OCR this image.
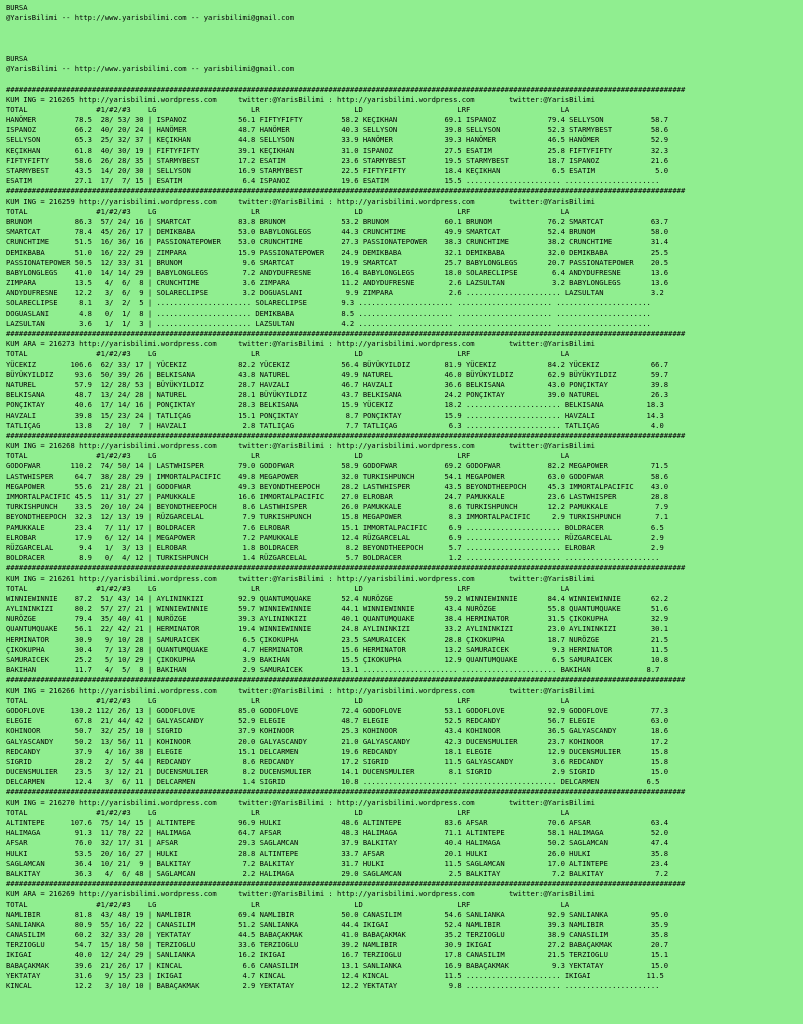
BURSA
@YarisBilimi -- http://www.yarisbilimi.com -- yarisbilimi@gmail.com
BURSA
@YarisBilimi -- http://www.yarisbilimi.com -- yarisbilimi@gmail.com
##############################################################################################################################################################
KUM ING = 216265 http://yarisbilimi.wordpress.com     twitter:@YarisBilimi : http://yarisbilimi.wordpress.com        twitter:@YarisBilimi
TOTAL                #1/#2/#3    LG                      LR                      LD                      LRF                     LA
HANÖMER         78.5  28/ 53/ 30 | ISPANOZ            56.1 FIFTYFIFTY         58.2 KEÇIKHAN           69.1 ISPANOZ            79.4 SELLYSON           58.7
ISPANOZ         66.2  40/ 20/ 24 | HANÖMER            48.7 HANÖMER            40.3 SELLYSON           39.8 SELLYSON           52.3 STARMYBEST         58.6
SELLYSON        65.3  25/ 32/ 37 | KEÇIKHAN           44.8 SELLYSON           33.9 HANÖMER            39.3 HANÖMER            46.5 HANÖMER            52.9
KEÇIKHAN        61.8  40/ 30/ 19 | FIFTYFIFTY         39.1 KEÇIKHAN           31.0 ISPANOZ            27.5 ESATIM             25.8 FIFTYFIFTY         32.3
FIFTYFIFTY      58.6  26/ 28/ 35 | STARMYBEST         17.2 ESATIM             23.6 STARMYBEST         19.5 STARMYBEST         18.7 ISPANOZ            21.6
STARMYBEST      43.5  14/ 20/ 30 | SELLYSON           16.9 STARMYBEST         22.5 FIFTYFIFTY         18.4 KEÇIKHAN            6.5 ESATIM              5.0
ESATIM          27.1  17/  7/ 15 | ESATIM              6.4 ISPANOZ            19.6 ESATIM             15.5 ...................... ......................
##############################################################################################################################################################
KUM ING = 216259 http://yarisbilimi.wordpress.com     twitter:@YarisBilimi : http://yarisbilimi.wordpress.com        twitter:@YarisBilimi
TOTAL                #1/#2/#3    LG                      LR                      LD                      LRF                     LA
BRUNOM          86.3  57/ 24/ 16 | SMARTCAT           83.8 BRUNOM             53.2 BRUNOM             60.1 BRUNOM             76.2 SMARTCAT           63.7
SMARTCAT        78.4  45/ 26/ 17 | DEMIKBABA          53.0 BABYLONGLEGS       44.3 CRUNCHTIME         49.9 SMARTCAT           52.4 BRUNOM             58.0
CRUNCHTIME      51.5  16/ 36/ 16 | PASSIONATEPOWER    53.0 CRUNCHTIME         27.3 PASSIONATEPOWER    38.3 CRUNCHTIME         38.2 CRUNCHTIME         31.4
DEMIKBABA       51.0  16/ 22/ 29 | ZIMPARA            15.9 PASSIONATEPOWER    24.9 DEMIKBABA          32.1 DEMIKBABA          32.0 DEMIKBABA          25.5
PASSIONATEPOWER 50.5  12/ 33/ 31 | BRUNOM              9.6 SMARTCAT           19.9 SMARTCAT           25.7 BABYLONGLEGS       20.7 PASSIONATEPOWER    20.5
BABYLONGLEGS    41.0  14/ 14/ 29 | BABYLONGLEGS        7.2 ANDYDUFRESNE       16.4 BABYLONGLEGS       18.0 SOLARECLIPSE        6.4 ANDYDUFRESNE       13.6
ZIMPARA         13.5   4/  6/  8 | CRUNCHTIME          3.6 ZIMPARA            11.2 ANDYDUFRESNE        2.6 LAZSULTAN           3.2 BABYLONGLEGS       13.6
ANDYDUFRESNE    12.2   3/  6/  9 | SOLARECLIPSE        3.2 DOGUASLANI          9.9 ZIMPARA             2.6 ...................... LAZSULTAN           3.2
SOLARECLIPSE     8.1   3/  2/  5 | ...................... SOLARECLIPSE        9.3 ...................... ...................... ......................
DOGUASLANI       4.8   0/  1/  8 | ...................... DEMIKBABA           8.5 ...................... ...................... ......................
LAZSULTAN        3.6   1/  1/  3 | ...................... LAZSULTAN           4.2 ...................... ...................... ......................
##############################################################################################################################################################
KUM ARA = 216273 http://yarisbilimi.wordpress.com     twitter:@YarisBilimi : http://yarisbilimi.wordpress.com        twitter:@YarisBilimi
TOTAL                #1/#2/#3    LG                      LR                      LD                      LRF                     LA
YÜCEKIZ        106.6  62/ 33/ 17 | YÜCEKIZ            82.2 YÜCEKIZ            56.4 BÜYÜKYILDIZ        81.9 YÜCEKIZ            84.2 YÜCEKIZ            66.7
BÜYÜKYILDIZ     93.6  50/ 39/ 26 | BELKISANA          43.8 NATUREL            49.9 NATUREL            46.0 BÜYÜKYILDIZ        62.9 BÜYÜKYILDIZ        59.7
NATUREL         57.9  12/ 28/ 53 | BÜYÜKYILDIZ        28.7 HAVZALI            46.7 HAVZALI            36.6 BELKISANA          43.0 PONÇIKTAY          39.8
BELKISANA       48.7  13/ 24/ 28 | NATUREL            28.1 BÜYÜKYILDIZ        43.7 BELKISANA          24.2 PONÇIKTAY          39.0 NATUREL            26.3
PONÇIKTAY       40.6  17/ 14/ 16 | PONÇIKTAY          28.3 BELKISANA          15.9 YÜCEKIZ            18.2 ...................... BELKISANA          18.3
HAVZALI         39.8  15/ 23/ 24 | TATLIÇAG           15.1 PONÇIKTAY           8.7 PONÇIKTAY          15.9 ...................... HAVZALI            14.3
TATLIÇAG        13.8   2/ 10/  7 | HAVZALI             2.8 TATLIÇAG            7.7 TATLIÇAG            6.3 ...................... TATLIÇAG            4.0
##############################################################################################################################################################
KUM ING = 216268 http://yarisbilimi.wordpress.com     twitter:@YarisBilimi : http://yarisbilimi.wordpress.com        twitter:@YarisBilimi
TOTAL                #1/#2/#3    LG                      LR                      LD                      LRF                     LA
GODOFWAR       110.2  74/ 50/ 14 | LASTWHISPER        79.0 GODOFWAR           58.9 GODOFWAR           69.2 GODOFWAR           82.2 MEGAPOWER          71.5
LASTWHISPER     64.7  38/ 28/ 29 | IMMORTALPACIFIC    49.8 MEGAPOWER          32.0 TURKISHPUNCH       54.1 MEGAPOWER          63.0 GODOFWAR           58.6
MEGAPOWER       55.6  21/ 28/ 21 | GODOFWAR           49.3 BEYONDTHEEPOCH     28.2 LASTWHISPER        43.5 BEYONDTHEEPOCH     45.3 IMMORTALPACIFIC    43.0
IMMORTALPACIFIC 45.5  11/ 31/ 27 | PAMUKKALE          16.6 IMMORTALPACIFIC    27.0 ELROBAR            24.7 PAMUKKALE          23.6 LASTWHISPER        28.8
TURKISHPUNCH    33.5  20/ 10/ 24 | BEYONDTHEEPOCH      8.6 LASTWHISPER        26.0 PAMUKKALE           8.6 TURKISHPUNCH       12.2 PAMUKKALE           7.9
BEYONDTHEEPOCH  32.3  12/ 13/ 19 | RÜZGARCELAL         7.9 TURKISHPUNCH       15.8 MEGAPOWER           8.3 IMMORTALPACIFIC     2.9 TURKISHPUNCH        7.1
PAMUKKALE       23.4   7/ 11/ 17 | BOLDRACER           7.6 ELROBAR            15.1 IMMORTALPACIFIC     6.9 ...................... BOLDRACER           6.5
ELROBAR         17.9   6/ 12/ 14 | MEGAPOWER           7.2 PAMUKKALE          12.4 RÜZGARCELAL         6.9 ...................... RÜZGARCELAL         2.9
RÜZGARCELAL      9.4   1/  3/ 13 | ELROBAR             1.8 BOLDRACER           8.2 BEYONDTHEEPOCH      5.7 ...................... ELROBAR             2.9
BOLDRACER        8.9   0/  4/ 12 | TURKISHPUNCH        1.4 RÜZGARCELAL         5.7 BOLDRACER           1.2 ...................... ......................
##############################################################################################################################################################
KUM ING = 216261 http://yarisbilimi.wordpress.com     twitter:@YarisBilimi : http://yarisbilimi.wordpress.com        twitter:@YarisBilimi
TOTAL                #1/#2/#3    LG                      LR                      LD                      LRF                     LA
WINNIEWINNIE    87.2  51/ 43/ 14 | AYLININKIZI        92.9 QUANTUMQUAKE       52.4 NURÖZGE            59.2 WINNIEWINNIE       84.4 WINNIEWINNIE       62.2
AYLININKIZI     80.2  57/ 27/ 21 | WINNIEWINNIE       59.7 WINNIEWINNIE       44.1 WINNIEWINNIE       43.4 NURÖZGE            55.8 QUANTUMQUAKE       51.6
NURÖZGE         79.4  35/ 40/ 41 | NURÖZGE            39.3 AYLININKIZI        40.1 QUANTUMQUAKE       38.4 HERMINATOR         31.5 ÇIKOKUPHA          32.9
QUANTUMQUAKE    56.1  22/ 42/ 21 | HERMINATOR         19.4 WINNIEWINNIE       24.8 AYLININKIZI        33.2 AYLININKIZI        23.0 AYLININKIZI        30.1
HERMINATOR      30.9   9/ 10/ 28 | SAMURAICEK          6.5 ÇIKOKUPHA          23.5 SAMURAICEK         28.8 ÇIKOKUPHA          18.7 NURÖZGE            21.5
ÇIKOKUPHA       30.4   7/ 13/ 28 | QUANTUMQUAKE        4.7 HERMINATOR         15.6 HERMINATOR         13.2 SAMURAICEK          9.3 HERMINATOR         11.5
SAMURAICEK      25.2   5/ 10/ 29 | ÇIKOKUPHA           3.9 BAKIHAN            15.5 ÇIKOKUPHA          12.9 QUANTUMQUAKE        6.5 SAMURAICEK         10.8
BAKIHAN         11.7   4/  5/  8 | BAKIHAN             2.9 SAMURAICEK         13.1 ...................... ...................... BAKIHAN             8.7
##############################################################################################################################################################
KUM ING = 216266 http://yarisbilimi.wordpress.com     twitter:@YarisBilimi : http://yarisbilimi.wordpress.com        twitter:@YarisBilimi
TOTAL                #1/#2/#3    LG                      LR                      LD                      LRF                     LA
GODOFLOVE      130.2 112/ 26/ 13 | GODOFLOVE          85.0 GODOFLOVE          72.4 GODOFLOVE          53.1 GODOFLOVE          92.9 GODOFLOVE          77.3
ELEGIE          67.8  21/ 44/ 42 | GALYASCANDY        52.9 ELEGIE             48.7 ELEGIE             52.5 REDCANDY           56.7 ELEGIE             63.0
KOHINOOR        50.7  32/ 25/ 10 | SIGRID             37.9 KOHINOOR           25.3 KOHINOOR           43.4 KOHINOOR           36.5 GALYASCANDY        18.6
GALYASCANDY     50.2  13/ 56/ 11 | KOHINOOR           20.0 GALYASCANDY        21.0 GALYASCANDY        42.3 DUCENSMULIER       23.7 KOHINOOR           17.2
REDCANDY        37.9   4/ 16/ 38 | ELEGIE             15.1 DELCARMEN          19.6 REDCANDY           18.1 ELEGIE             12.9 DUCENSMULIER       15.8
SIGRID          28.2   2/  5/ 44 | REDCANDY            8.6 REDCANDY           17.2 SIGRID             11.5 GALYASCANDY         3.6 REDCANDY           15.8
DUCENSMULIER    23.5   3/ 12/ 21 | DUCENSMULIER        8.2 DUCENSMULIER       14.1 DUCENSMULIER        8.1 SIGRID              2.9 SIGRID             15.0
DELCARMEN       12.4   3/  6/ 11 | DELCARMEN           1.4 SIGRID             10.8 ...................... ...................... DELCARMEN           6.5
##############################################################################################################################################################
KUM ING = 216270 http://yarisbilimi.wordpress.com     twitter:@YarisBilimi : http://yarisbilimi.wordpress.com        twitter:@YarisBilimi
TOTAL                #1/#2/#3    LG                      LR                      LD                      LRF                     LA
ALTINTEPE      107.6  75/ 14/ 15 | ALTINTEPE          96.9 HULKI              48.6 ALTINTEPE          83.6 AFSAR              70.6 AFSAR              63.4
HALIMAGA        91.3  11/ 78/ 22 | HALIMAGA           64.7 AFSAR              48.3 HALIMAGA           71.1 ALTINTEPE          58.1 HALIMAGA           52.0
AFSAR           76.0  32/ 17/ 31 | AFSAR              29.3 SAGLAMCAN          37.9 BALKITAY           40.4 HALIMAGA           50.2 SAGLAMCAN          47.4
HULKI           53.5  20/ 16/ 27 | HULKI              28.8 ALTINTEPE          33.7 AFSAR              20.1 HULKI              26.0 HULKI              35.8
SAGLAMCAN       36.4  10/ 21/  9 | BALKITAY            7.2 BALKITAY           31.7 HULKI              11.5 SAGLAMCAN          17.0 ALTINTEPE          23.4
BALKITAY        36.3   4/  6/ 48 | SAGLAMCAN           2.2 HALIMAGA           29.0 SAGLAMCAN           2.5 BALKITAY            7.2 BALKITAY            7.2
##############################################################################################################################################################
KUM ARA = 216269 http://yarisbilimi.wordpress.com     twitter:@YarisBilimi : http://yarisbilimi.wordpress.com        twitter:@YarisBilimi
TOTAL                #1/#2/#3    LG                      LR                      LD                      LRF                     LA
NAMLIBIR        81.8  43/ 48/ 19 | NAMLIBIR           69.4 NAMLIBIR           50.0 CANASILIM          54.6 SANLIANKA          92.9 SANLIANKA          95.0
SANLIANKA       80.9  55/ 16/ 22 | CANASILIM          51.2 SANLIANKA          44.4 IKIGAI             52.4 NAMLIBIR           39.3 NAMLIBIR           35.9
CANASILIM       60.2  32/ 33/ 20 | YEKTATAY           44.5 BABAÇAKMAK         41.0 BABAÇAKMAK         35.2 TERZIOGLU          38.9 CANASILIM          35.8
TERZIOGLU       54.7  15/ 18/ 50 | TERZIOGLU          33.6 TERZIOGLU          39.2 NAMLIBIR           30.9 IKIGAI             27.2 BABAÇAKMAK         20.7
IKIGAI          40.0  12/ 24/ 29 | SANLIANKA          16.2 IKIGAI             16.7 TERZIOGLU          17.8 CANASILIM          21.5 TERZIOGLU          15.1
BABAÇAKMAK      39.6  21/ 26/ 17 | KINCAL              6.6 CANASILIM          13.1 SANLIANKA          16.9 BABAÇAKMAK          9.3 YEKTATAY           15.0
YEKTATAY        31.6   9/ 15/ 23 | IKIGAI              4.7 KINCAL             12.4 KINCAL             11.5 ...................... IKIGAI             11.5
KINCAL          12.2   3/ 10/ 10 | BABAÇAKMAK          2.9 YEKTATAY           12.2 YEKTATAY            9.8 ...................... ......................
